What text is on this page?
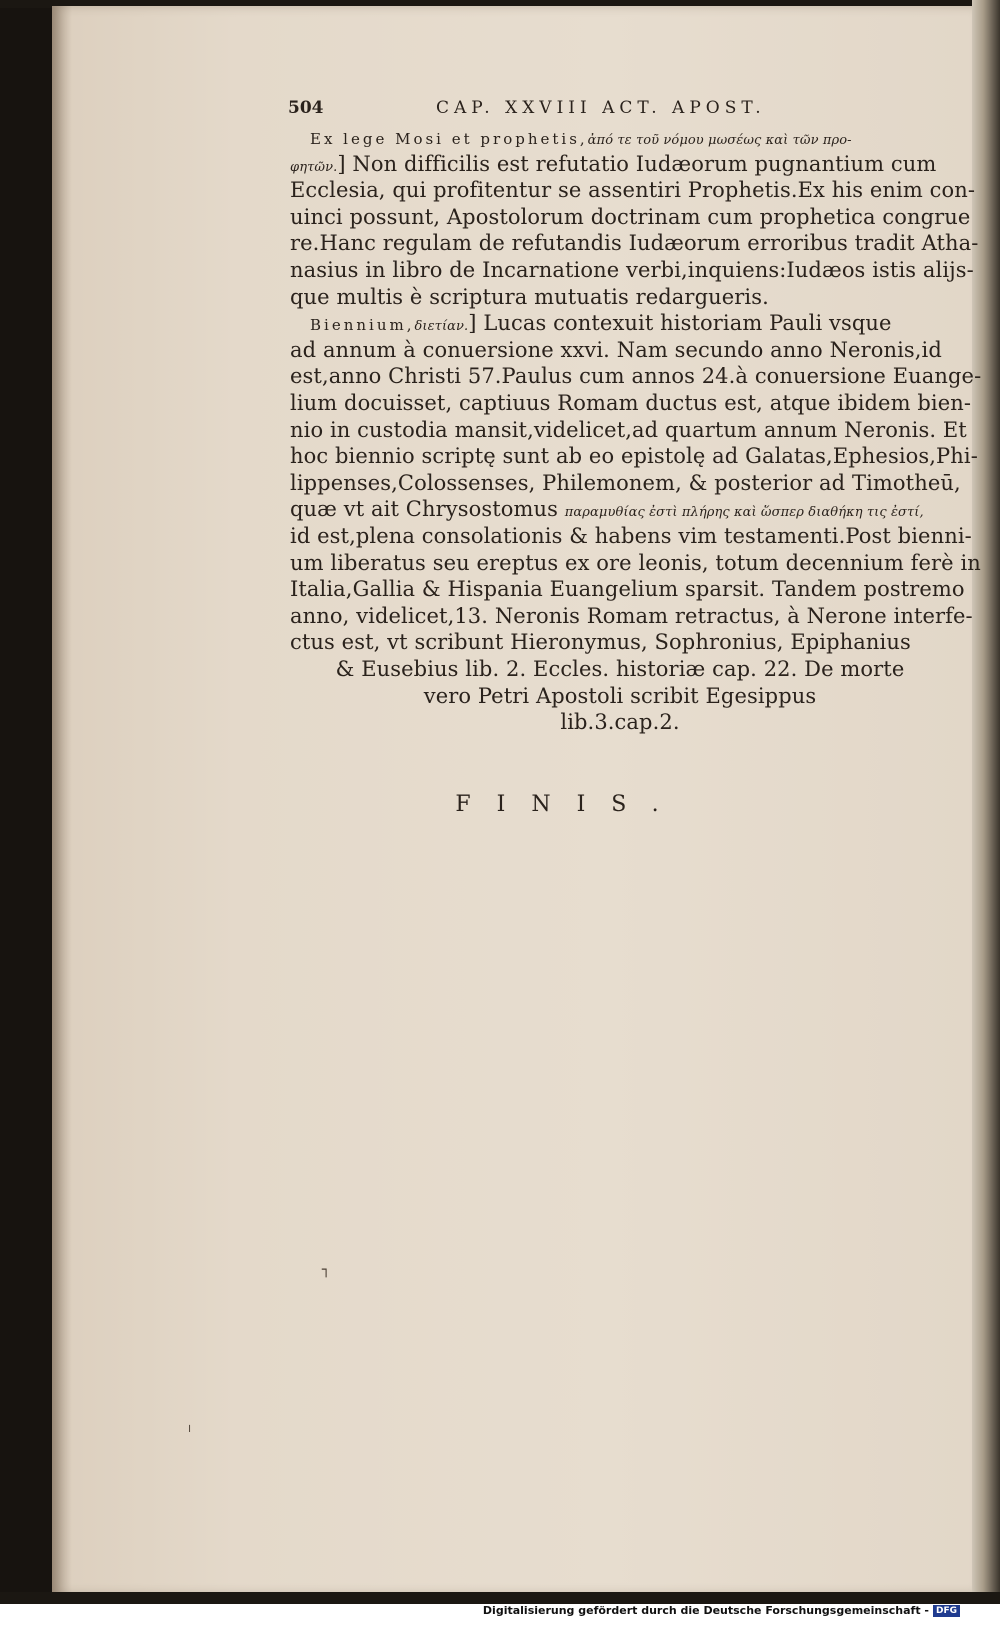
504	CAP. XXVIII ACT. APOST.
Ex lege Mosi et prophetis,ἀπό τε τοῦ νόμου μωσέως καὶ τῶν προ-
φητῶν.] Non difficilis est refutatio Iudæorum pugnantium cum
Ecclesia, qui profitentur se assentiri Prophetis.Ex his enim con-
uinci possunt, Apostolorum doctrinam cum prophetica congrue
re.Hanc regulam de refutandis Iudæorum erroribus tradit Atha-
nasius in libro de Incarnatione verbi,inquiens:Iudæos istis alijs-
que multis è scriptura mutuatis redargueris.
Biennium,διετίαν.] Lucas contexuit historiam Pauli vsque
ad annum à conuersione xxvi. Nam secundo anno Neronis,id
est,anno Christi 57.Paulus cum annos 24.à conuersione Euange-
lium docuisset, captiuus Romam ductus est, atque ibidem bien-
nio in custodia mansit,videlicet,ad quartum annum Neronis. Et
hoc biennio scriptę sunt ab eo epistolę ad Galatas,Ephesios,Phi-
lippenses,Colossenses, Philemonem, & posterior ad Timotheū,
quæ vt ait Chrysostomus παραμυθίας ἐστὶ πλήρης καὶ ὥσπερ διαθήκη τις ἐστί,
id est,plena consolationis & habens vim testamenti.Post bienni-
um liberatus seu ereptus ex ore leonis, totum decennium ferè in
Italia,Gallia & Hispania Euangelium sparsit. Tandem postremo
anno, videlicet,13. Neronis Romam retractus, à Nerone interfe-
ctus est, vt scribunt Hieronymus, Sophronius, Epiphanius
& Eusebius lib. 2. Eccles. historiæ cap. 22. De morte
vero Petri Apostoli scribit Egesippus
lib.3.cap.2.
FINIS.
┐
╷
Digitalisierung gefördert durch die Deutsche Forschungsgemeinschaft - DFG
